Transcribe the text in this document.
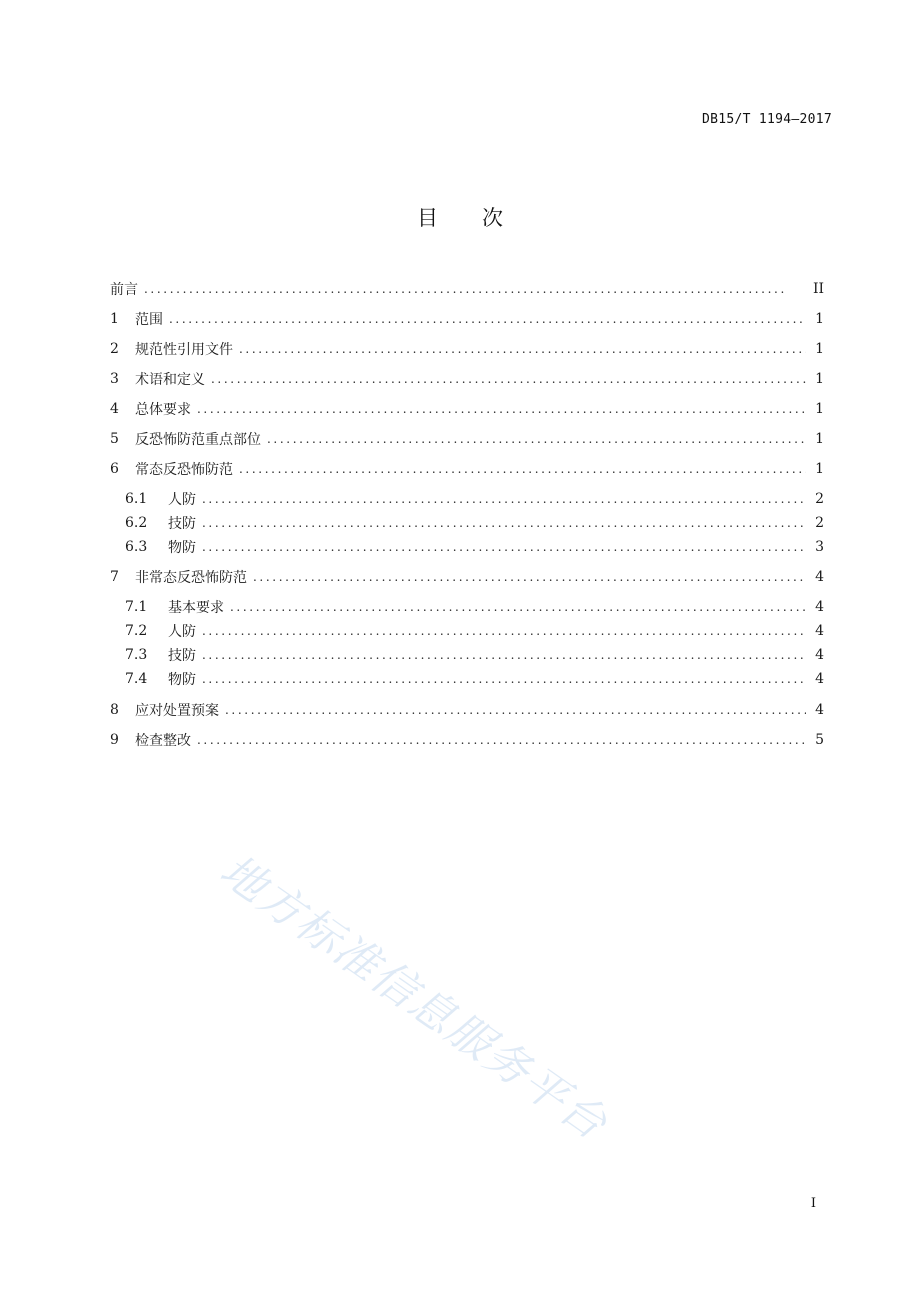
DB15/T 1194—2017
目 次
前言 . . .	II
1	范围 . . .	1
2	规范性引用文件 . . .	1
3	术语和定义 . . .	1
4	总体要求 . . .	1
5	反恐怖防范重点部位 . . .	1
6	常态反恐怖防范 . . .	1
6.1	人防 . . .	2
6.2	技防 . . .	2
6.3	物防 . . .	3
7	非常态反恐怖防范 . . .	4
7.1	基本要求 . . .	4
7.2	人防 . . .	4
7.3	技防 . . .	4
7.4	物防 . . .	4
8	应对处置预案 . . .	4
9	检查整改 . . .	5
地方标准信息服务平台
I
